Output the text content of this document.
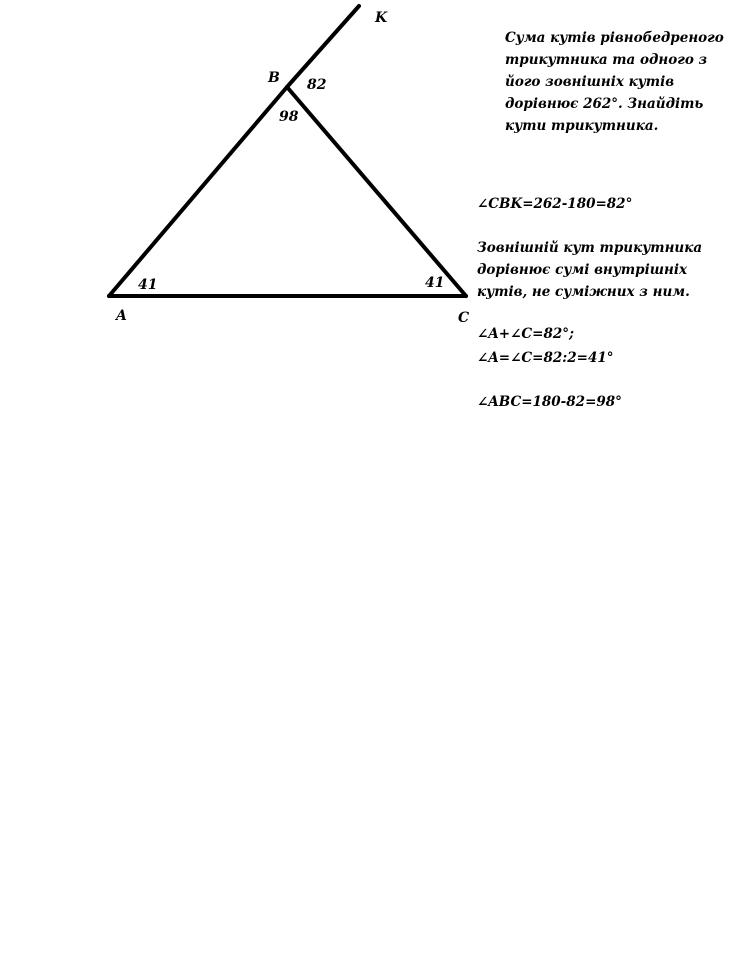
K
B
A	C
82
98
41	41
Сума кутів рівнобедреного
трикутника та одного з
його зовнішніх кутів
дорівнює 262°. Знайдіть
кути трикутника.
∠CBK=262-180=82°
Зовнішній кут трикутника
дорівнює сумі внутрішніх
кутів, не суміжних з ним.
∠A+∠C=82°;
∠A=∠C=82:2=41°
∠ABC=180-82=98°
